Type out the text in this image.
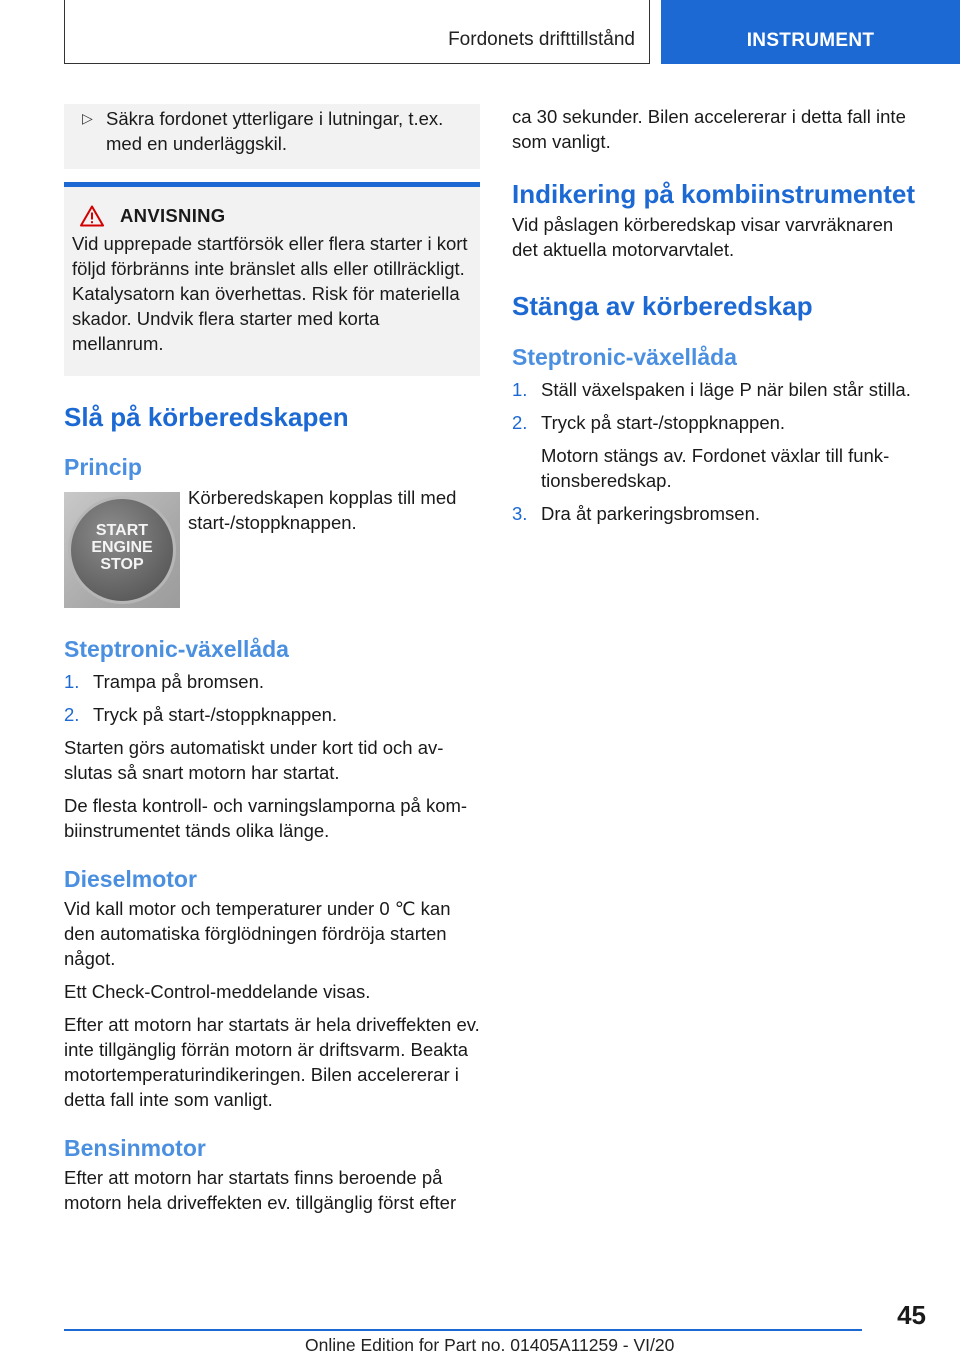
Fordonets drifttillstånd	INSTRUMENT
▷ Säkra fordonet ytterligare i lutningar, t.ex. med en underläggskil.
ANVISNING
Vid upprepade startförsök eller flera starter i kort följd förbränns inte bränslet alls eller otillräckligt. Katalysatorn kan överhettas. Risk för materiella skador. Undvik flera starter med korta mellanrum.
Slå på körberedskapen
Princip
START
ENGINE
STOP

Körberedskapen kopplas till med start-/stoppknappen.

Steptronic-växellåda
1. Trampa på bromsen.
2. Tryck på start-/stoppknappen.

Starten görs automatiskt under kort tid och avslutas så snart motorn har startat.

De flesta kontroll- och varningslamporna på kombiinstrumentet tänds olika länge.

Dieselmotor

Vid kall motor och temperaturer under 0 ℃ kan den automatiska förglödningen fördröja starten något.

Ett Check-Control-meddelande visas.

Efter att motorn har startats är hela driveffekten ev. inte tillgänglig förrän motorn är driftsvarm. Beakta motortemperaturindikeringen. Bilen accelererar i detta fall inte som vanligt.

Bensinmotor

Efter att motorn har startats finns beroende på motorn hela driveffekten ev. tillgänglig först efter

ca 30 sekunder. Bilen accelererar i detta fall inte som vanligt.

Indikering på kombiinstrumentet

Vid påslagen körberedskap visar varvräknaren det aktuella motorvarvtalet.

Stänga av körberedskap
Steptronic-växellåda
1. Ställ växelspaken i läge P när bilen står stilla.
2. Tryck på start-/stoppknappen.
Motorn stängs av. Fordonet växlar till funktionsberedskap.
3. Dra åt parkeringsbromsen.
45
Online Edition for Part no. 01405A11259 - VI/20
